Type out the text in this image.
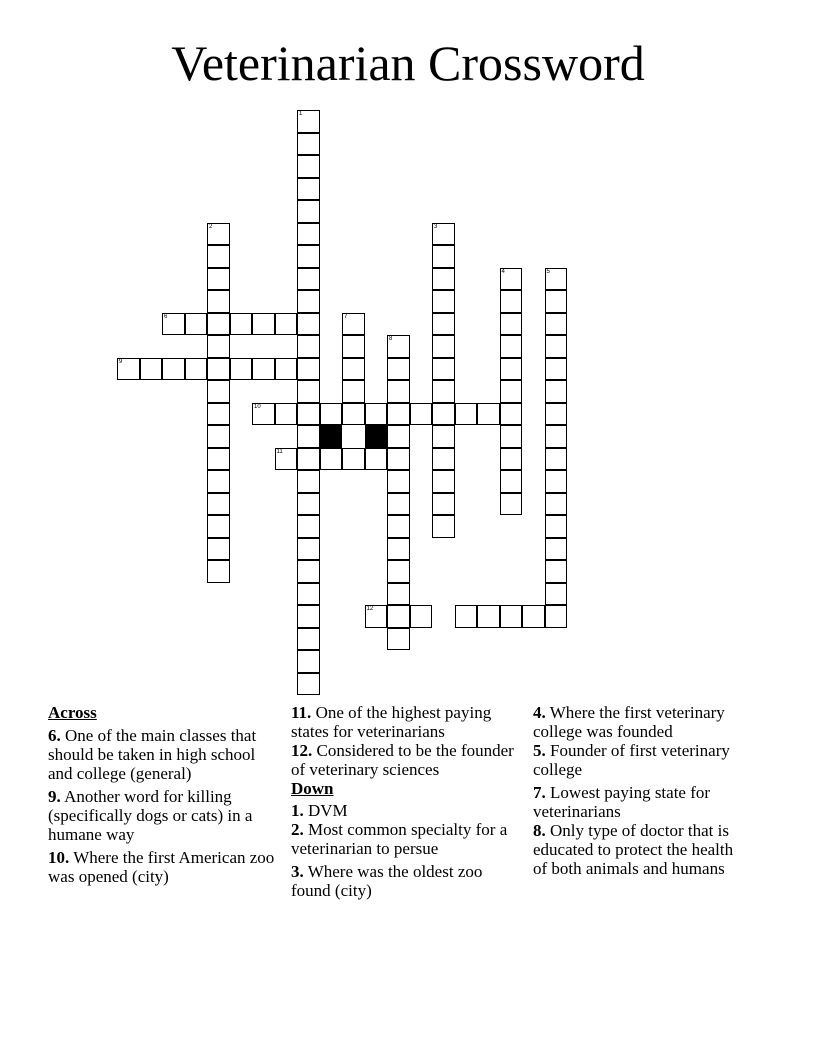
Veterinarian Crossword
1
2	3
4	5
6
9
7
8
10
11
12
Across
6. One of the main classes that should be taken in high school and college (general)
9. Another word for killing (specifically dogs or cats) in a humane way
10. Where the first American zoo was opened (city)
11. One of the highest paying states for veterinarians
12. Considered to be the founder of veterinary sciences
Down
1. DVM
2. Most common specialty for a veterinarian to persue
3. Where was the oldest zoo found (city)
4. Where the first veterinary college was founded
5. Founder of first veterinary college
7. Lowest paying state for veterinarians
8. Only type of doctor that is educated to protect the health of both animals and humans
